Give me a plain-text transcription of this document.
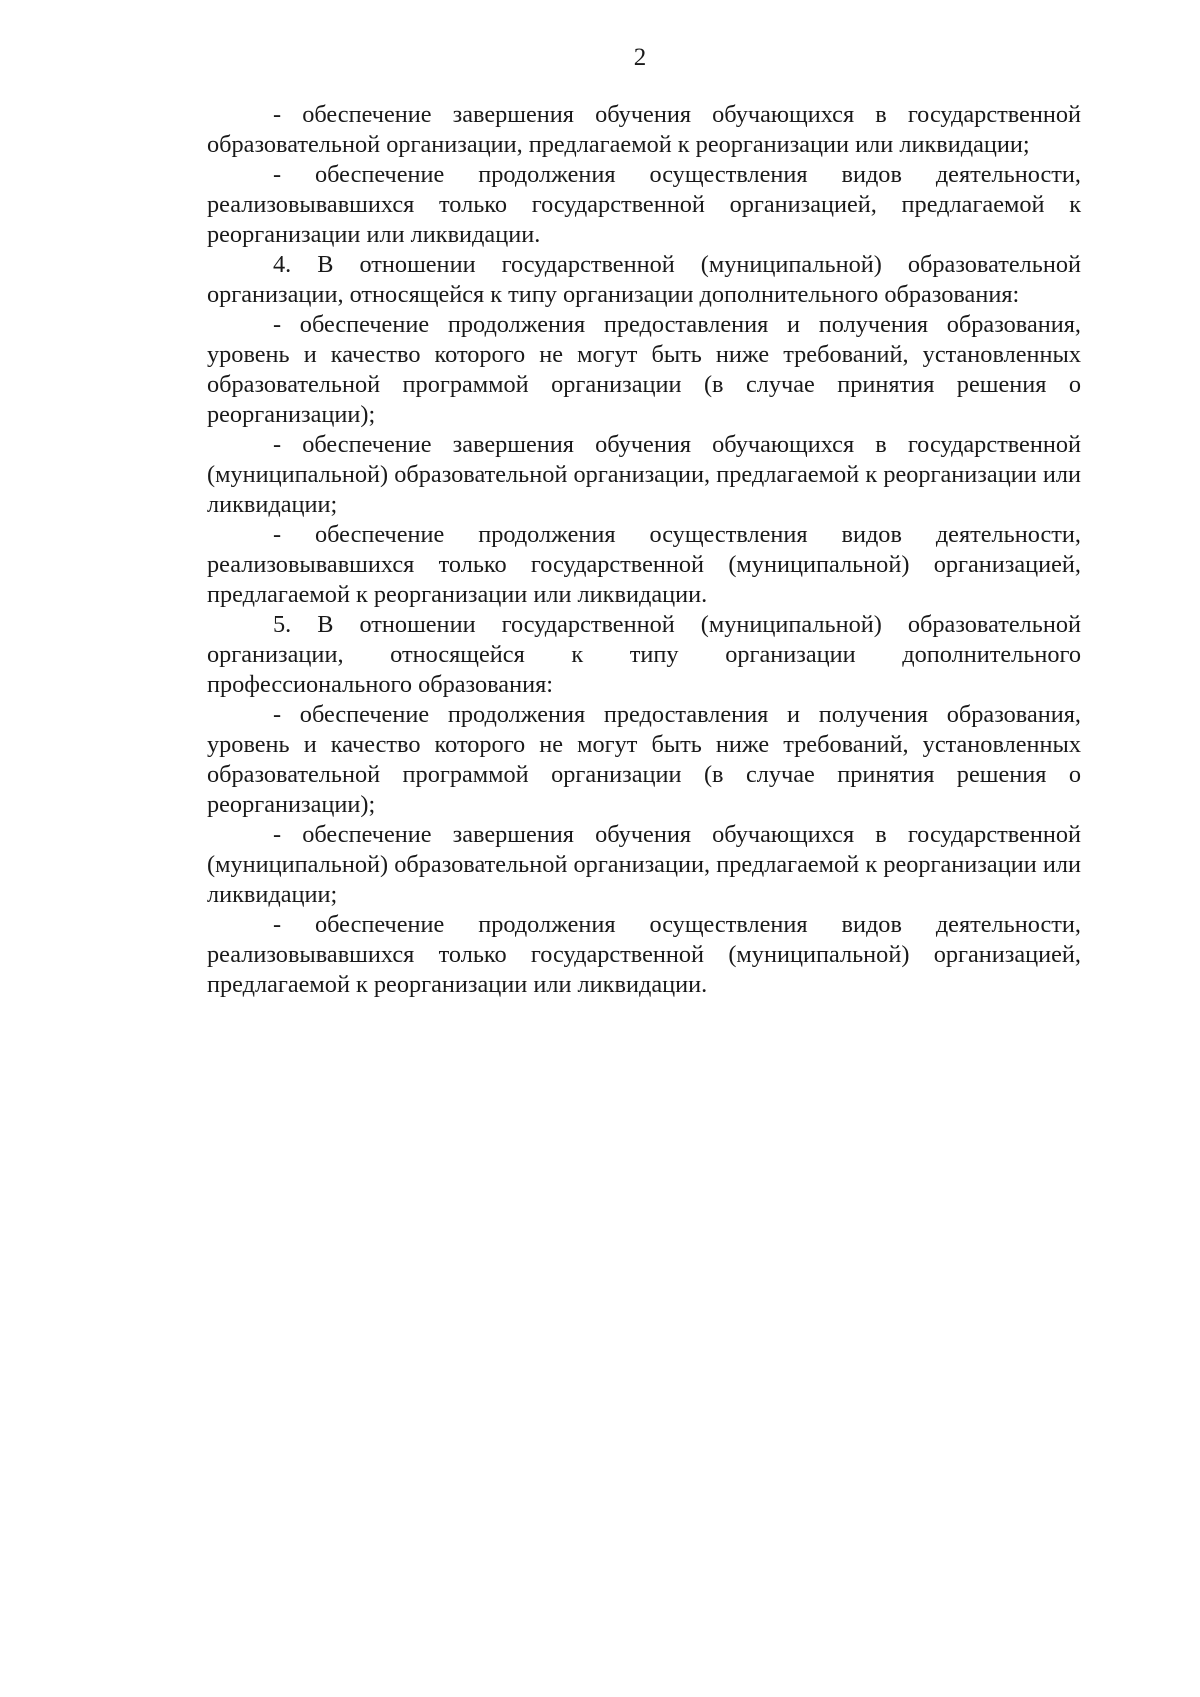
2

- обеспечение завершения обучения обучающихся в государственной образовательной организации, предлагаемой к реорганизации или ликвидации;

- обеспечение продолжения осуществления видов деятельности, реализовывавшихся только государственной организацией, предлагаемой к реорганизации или ликвидации.

4. В отношении государственной (муниципальной) образовательной организации, относящейся к типу организации дополнительного образования:

- обеспечение продолжения предоставления и получения образования, уровень и качество которого не могут быть ниже требований, установленных образовательной программой организации (в случае принятия решения о реорганизации);

- обеспечение завершения обучения обучающихся в государственной (муниципальной) образовательной организации, предлагаемой к реорганизации или ликвидации;

- обеспечение продолжения осуществления видов деятельности, реализовывавшихся только государственной (муниципальной) организацией, предлагаемой к реорганизации или ликвидации.

5. В отношении государственной (муниципальной) образовательной организации, относящейся к типу организации дополнительного профессионального образования:

- обеспечение продолжения предоставления и получения образования, уровень и качество которого не могут быть ниже требований, установленных образовательной программой организации (в случае принятия решения о реорганизации);

- обеспечение завершения обучения обучающихся в государственной (муниципальной) образовательной организации, предлагаемой к реорганизации или ликвидации;

- обеспечение продолжения осуществления видов деятельности, реализовывавшихся только государственной (муниципальной) организацией, предлагаемой к реорганизации или ликвидации.
